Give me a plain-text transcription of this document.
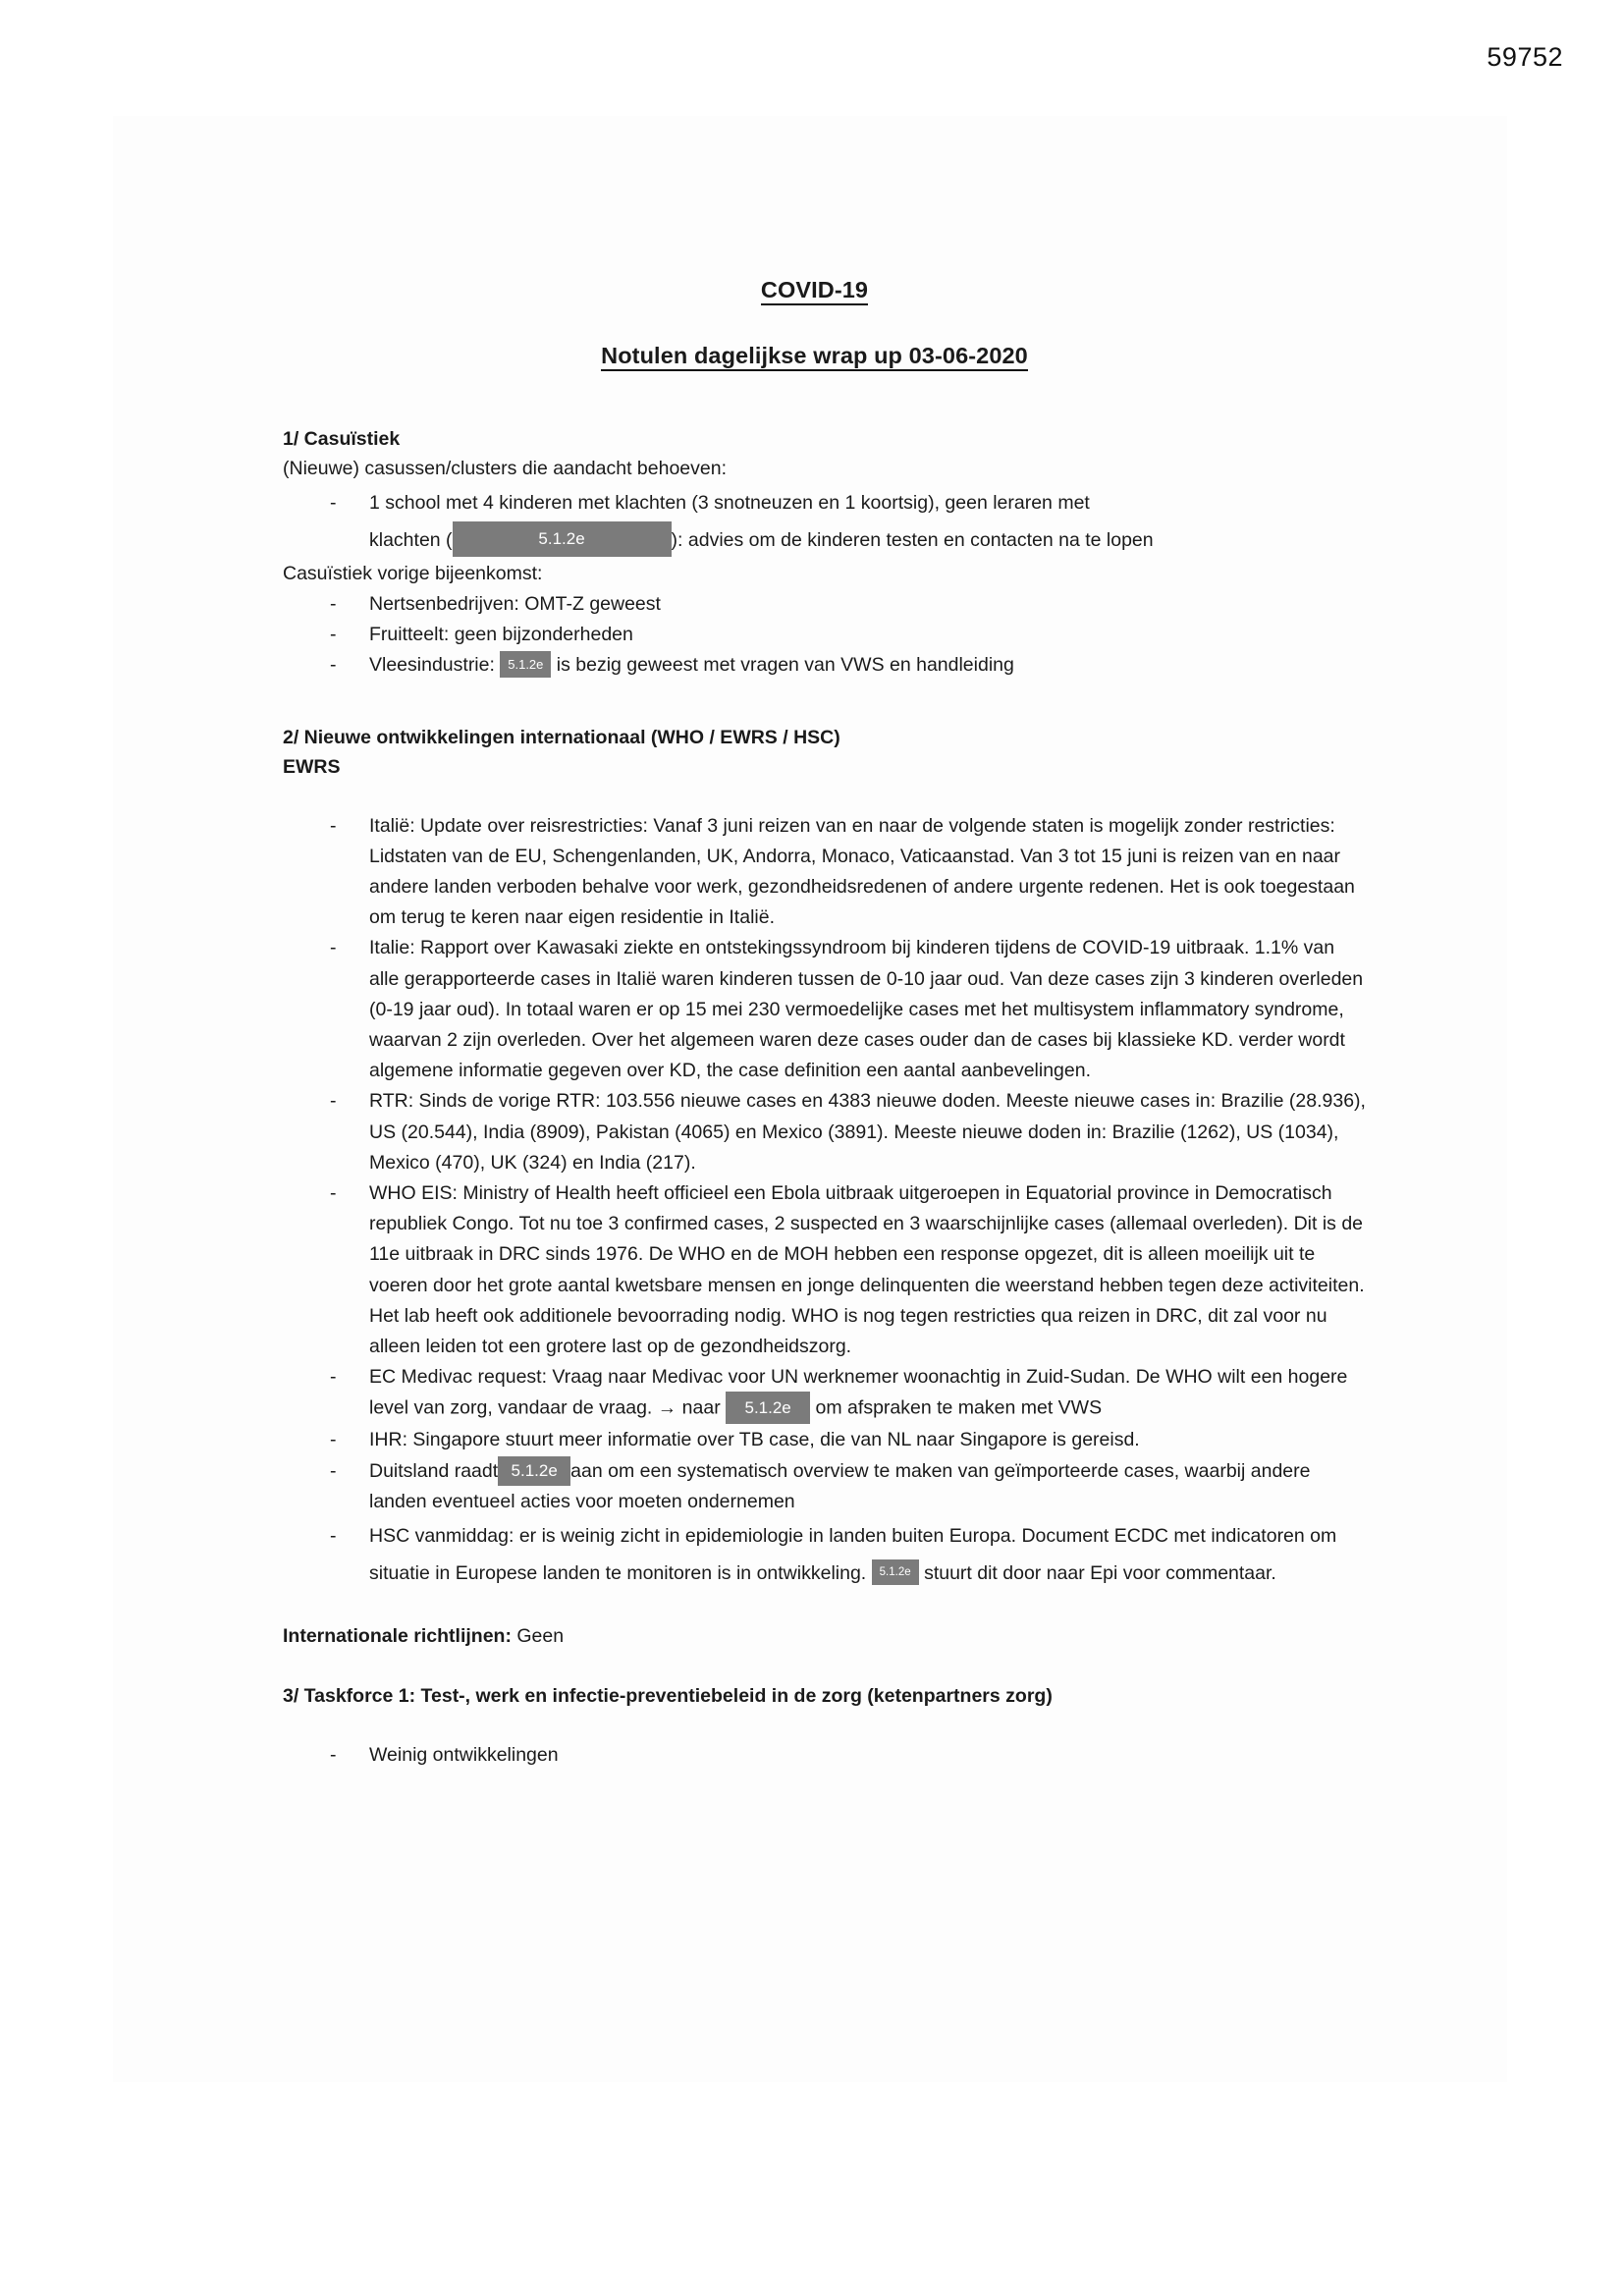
59752
COVID-19
Notulen dagelijkse wrap up 03-06-2020
1/ Casuïstiek
(Nieuwe) casussen/clusters die aandacht behoeven:
- 1 school met 4 kinderen met klachten (3 snotneuzen en 1 koortsig), geen leraren met
klachten (	5.1.2e	): advies om de kinderen testen en contacten na te lopen
Casuïstiek vorige bijeenkomst:
- Nertsenbedrijven: OMT-Z geweest
- Fruitteelt: geen bijzonderheden
- Vleesindustrie: 5.1.2e is bezig geweest met vragen van VWS en handleiding
2/ Nieuwe ontwikkelingen internationaal (WHO / EWRS / HSC)
EWRS
- Italië: Update over reisrestricties: Vanaf 3 juni reizen van en naar de volgende staten is mogelijk zonder restricties: Lidstaten van de EU, Schengenlanden, UK, Andorra, Monaco, Vaticaanstad. Van 3 tot 15 juni is reizen van en naar andere landen verboden behalve voor werk, gezondheidsredenen of andere urgente redenen. Het is ook toegestaan om terug te keren naar eigen residentie in Italië.
- Italie: Rapport over Kawasaki ziekte en ontstekingssyndroom bij kinderen tijdens de COVID-19 uitbraak. 1.1% van alle gerapporteerde cases in Italië waren kinderen tussen de 0-10 jaar oud. Van deze cases zijn 3 kinderen overleden (0-19 jaar oud). In totaal waren er op 15 mei 230 vermoedelijke cases met het multisystem inflammatory syndrome, waarvan 2 zijn overleden. Over het algemeen waren deze cases ouder dan de cases bij klassieke KD. verder wordt algemene informatie gegeven over KD, the case definition een aantal aanbevelingen.
- RTR: Sinds de vorige RTR: 103.556 nieuwe cases en 4383 nieuwe doden. Meeste nieuwe cases in: Brazilie (28.936), US (20.544), India (8909), Pakistan (4065) en Mexico (3891). Meeste nieuwe doden in: Brazilie (1262), US (1034), Mexico (470), UK (324) en India (217).
- WHO EIS: Ministry of Health heeft officieel een Ebola uitbraak uitgeroepen in Equatorial province in Democratisch republiek Congo. Tot nu toe 3 confirmed cases, 2 suspected en 3 waarschijnlijke cases (allemaal overleden). Dit is de 11e uitbraak in DRC sinds 1976. De WHO en de MOH hebben een response opgezet, dit is alleen moeilijk uit te voeren door het grote aantal kwetsbare mensen en jonge delinquenten die weerstand hebben tegen deze activiteiten. Het lab heeft ook additionele bevoorrading nodig. WHO is nog tegen restricties qua reizen in DRC, dit zal voor nu alleen leiden tot een grotere last op de gezondheidszorg.
- EC Medivac request: Vraag naar Medivac voor UN werknemer woonachtig in Zuid-Sudan. De WHO wilt een hogere level van zorg, vandaar de vraag. → naar 5.1.2e om afspraken te maken met VWS
- IHR: Singapore stuurt meer informatie over TB case, die van NL naar Singapore is gereisd.
- Duitsland raadt 5.1.2e aan om een systematisch overview te maken van geïmporteerde cases, waarbij andere landen eventueel acties voor moeten ondernemen
- HSC vanmiddag: er is weinig zicht in epidemiologie in landen buiten Europa. Document ECDC met indicatoren om situatie in Europese landen te monitoren is in ontwikkeling. 5.1.2e stuurt dit door naar Epi voor commentaar.
Internationale richtlijnen: Geen
3/ Taskforce 1: Test-, werk en infectie-preventiebeleid in de zorg (ketenpartners zorg)
- Weinig ontwikkelingen
